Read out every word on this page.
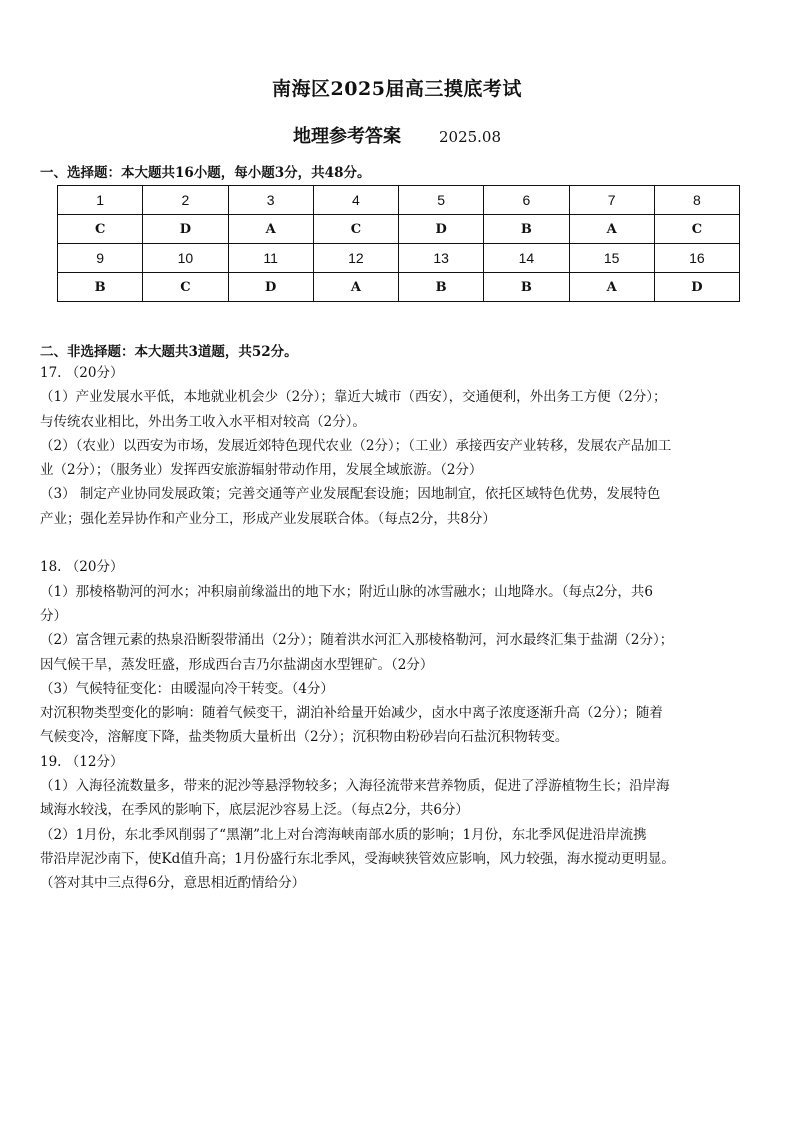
南海区2025届高三摸底考试
地理参考答案	2025.08
一、选择题：本大题共16小题，每小题3分，共48分。
1	2	3	4	5	6	7	8
C	D	A	C	D	B	A	C
9	10	11	12	13	14	15	16
B	C	D	A	B	B	A	D
二、非选择题：本大题共3道题，共52分。
17. （20分）
（1）产业发展水平低，本地就业机会少（2分）；靠近大城市（西安），交通便利，外出务工方便（2分）；
与传统农业相比，外出务工收入水平相对较高（2分）。
（2）（农业）以西安为市场，发展近郊特色现代农业（2分）；（工业）承接西安产业转移，发展农产品加工
业（2分）；（服务业）发挥西安旅游辐射带动作用，发展全域旅游。（2分）
（3） 制定产业协同发展政策；完善交通等产业发展配套设施；因地制宜，依托区域特色优势，发展特色
产业；强化差异协作和产业分工，形成产业发展联合体。（每点2分，共8分）
18. （20分）
（1）那棱格勒河的河水；冲积扇前缘溢出的地下水；附近山脉的冰雪融水；山地降水。（每点2分，共6
分）
（2）富含锂元素的热泉沿断裂带涌出（2分）；随着洪水河汇入那棱格勒河，河水最终汇集于盐湖（2分）；
因气候干旱，蒸发旺盛，形成西台吉乃尔盐湖卤水型锂矿。（2分）
（3）气候特征变化：由暖湿向冷干转变。（4分）
对沉积物类型变化的影响：随着气候变干，湖泊补给量开始减少，卤水中离子浓度逐渐升高（2分）；随着
气候变冷，溶解度下降，盐类物质大量析出（2分）；沉积物由粉砂岩向石盐沉积物转变。
19. （12分）
（1）入海径流数量多，带来的泥沙等悬浮物较多；入海径流带来营养物质，促进了浮游植物生长；沿岸海
域海水较浅，在季风的影响下，底层泥沙容易上泛。（每点2分，共6分）
（2）1月份，东北季风削弱了“黑潮”北上对台湾海峡南部水质的影响；1月份，东北季风促进沿岸流携
带沿岸泥沙南下，使Kd值升高；1月份盛行东北季风，受海峡狭管效应影响，风力较强，海水搅动更明显。
（答对其中三点得6分，意思相近酌情给分）
